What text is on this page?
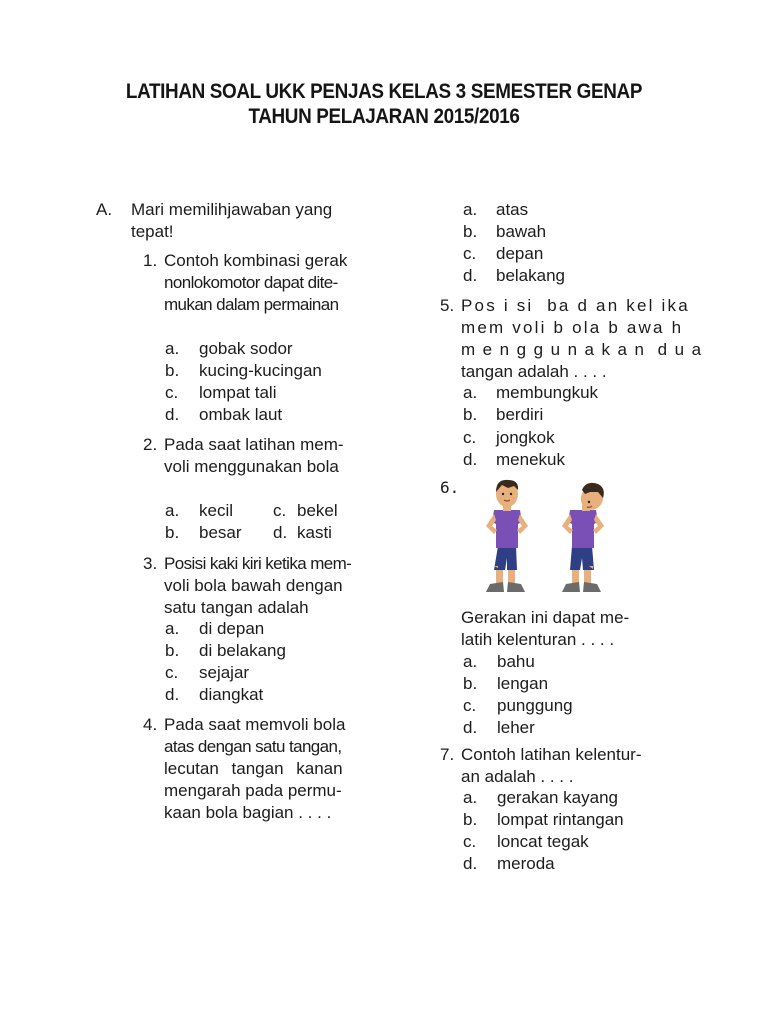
LATIHAN SOAL UKK PENJAS KELAS 3 SEMESTER GENAP
TAHUN PELAJARAN 2015/2016

A. Mari memilihjawaban yang

tepat!

1. Contoh kombinasi gerak

nonlokomotor dapat dite-

mukan dalam permainan

a. gobak sodor

b. kucing-kucingan

c. lompat tali

d. ombak laut

2. Pada saat latihan mem-

voli menggunakan bola

a. kecil c. bekel

b. besar d. kasti

3. Posisi kaki kiri ketika mem-

voli bola bawah dengan

satu tangan adalah

a. di depan

b. di belakang

c. sejajar

d. diangkat

4. Pada saat memvoli bola

atas dengan satu tangan,

lecutan tangan kanan

mengarah pada permu-

kaan bola bagian . . . .

a. atas

b. bawah

c. depan

d. belakang

5. Pos i si  ba d an kel ika

mem voli b ola b awa h

m e n g g u n a k a n  d u a

tangan adalah . . . .

a. membungkuk

b. berdiri

c. jongkok

d. menekuk

6.

Gerakan ini dapat me-

latih kelenturan . . . .

a. bahu

b. lengan

c. punggung

d. leher

7. Contoh latihan kelentur-

an adalah . . . .

a. gerakan kayang

b. lompat rintangan

c. loncat tegak

d. meroda
